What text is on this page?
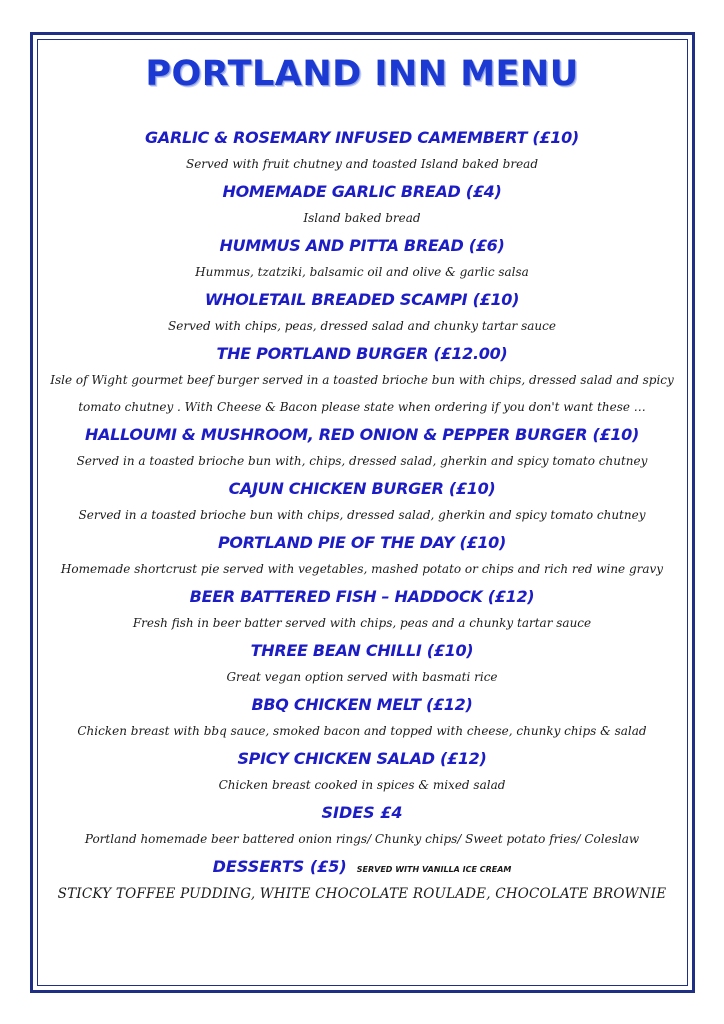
PORTLAND INN MENU
GARLIC & ROSEMARY INFUSED CAMEMBERT (£10)
Served with fruit chutney and toasted Island baked bread
HOMEMADE GARLIC BREAD (£4)
Island baked bread
HUMMUS AND PITTA BREAD (£6)
Hummus, tzatziki, balsamic oil and olive & garlic salsa
WHOLETAIL BREADED SCAMPI (£10)
Served with chips, peas, dressed salad and chunky tartar sauce
THE PORTLAND BURGER (£12.00)
Isle of Wight gourmet beef burger served in a toasted brioche bun with chips, dressed salad and spicy tomato chutney . With Cheese & Bacon please state when ordering if you don't want these …
HALLOUMI & MUSHROOM, RED ONION & PEPPER BURGER (£10)
Served in a toasted brioche bun with, chips, dressed salad, gherkin and spicy tomato chutney
CAJUN CHICKEN BURGER (£10)
Served in a toasted brioche bun with chips, dressed salad, gherkin and spicy tomato chutney
PORTLAND PIE OF THE DAY (£10)
Homemade shortcrust pie served with vegetables, mashed potato or chips and rich red wine gravy
BEER BATTERED FISH – HADDOCK (£12)
Fresh fish in beer batter served with chips, peas and a chunky tartar sauce
THREE BEAN CHILLI (£10)
Great vegan option served with basmati rice
BBQ CHICKEN MELT (£12)
Chicken breast with bbq sauce, smoked bacon and topped with cheese, chunky chips & salad
SPICY CHICKEN SALAD (£12)
Chicken breast cooked in spices & mixed salad
SIDES £4
Portland homemade beer battered onion rings/ Chunky chips/ Sweet potato fries/ Coleslaw
DESSERTS (£5) SERVED WITH VANILLA ICE CREAM
STICKY TOFFEE PUDDING, WHITE CHOCOLATE ROULADE, CHOCOLATE BROWNIE
